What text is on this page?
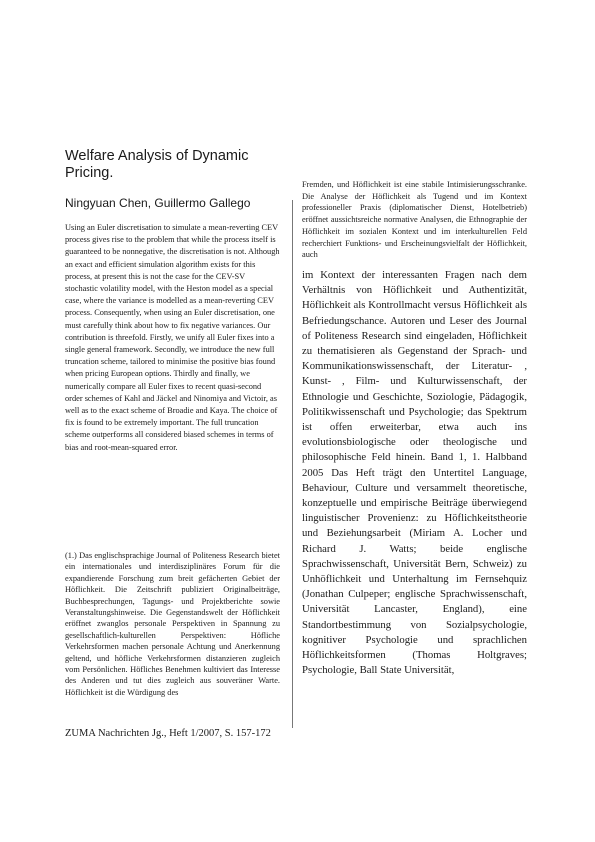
Welfare Analysis of Dynamic Pricing.
Ningyuan Chen, Guillermo Gallego
Using an Euler discretisation to simulate a mean-reverting CEV process gives rise to the problem that while the process itself is guaranteed to be nonnegative, the discretisation is not. Although an exact and efficient simulation algorithm exists for this process, at present this is not the case for the CEV-SV stochastic volatility model, with the Heston model as a special case, where the variance is modelled as a mean-reverting CEV process. Consequently, when using an Euler discretisation, one must carefully think about how to fix negative variances. Our contribution is threefold. Firstly, we unify all Euler fixes into a single general framework. Secondly, we introduce the new full truncation scheme, tailored to minimise the positive bias found when pricing European options. Thirdly and finally, we numerically compare all Euler fixes to recent quasi-second order schemes of Kahl and Jäckel and Ninomiya and Victoir, as well as to the exact scheme of Broadie and Kaya. The choice of fix is found to be extremely important. The full truncation scheme outperforms all considered biased schemes in terms of bias and root-mean-squared error.
(1.) Das englischsprachige Journal of Politeness Research bietet ein internationales und interdisziplinäres Forum für die expandierende Forschung zum breit gefächerten Gebiet der Höflichkeit. Die Zeitschrift publiziert Originalbeiträge, Buchbesprechungen, Tagungs- und Projektberichte sowie Veranstaltungshinweise. Die Gegenstandswelt der Höflichkeit eröffnet zwanglos personale Perspektiven in Spannung zu gesellschaftlich-kulturellen Perspektiven: Höfliche Verkehrsformen machen personale Achtung und Anerkennung geltend, und höfliche Verkehrsformen distanzieren zugleich vom Persönlichen. Höfliches Benehmen kultiviert das Interesse des Anderen und tut dies zugleich aus souveräner Warte. Höflichkeit ist die Würdigung des
ZUMA Nachrichten Jg., Heft 1/2007, S. 157-172
Fremden, und Höflichkeit ist eine stabile Intimisierungsschranke. Die Analyse der Höflichkeit als Tugend und im Kontext professioneller Praxis (diplomatischer Dienst, Hotelbetrieb) eröffnet aussichtsreiche normative Analysen, die Ethnographie der Höflichkeit im sozialen Kontext und im interkulturellen Feld recherchiert Funktions- und Erscheinungsvielfalt der Höflichkeit, auch
im Kontext der interessanten Fragen nach dem Verhältnis von Höflichkeit und Authentizität, Höflichkeit als Kontrollmacht versus Höflichkeit als Befriedungschance. Autoren und Leser des Journal of Politeness Research sind eingeladen, Höflichkeit zu thematisieren als Gegenstand der Sprach- und Kommunikationswissenschaft, der Literatur- , Kunst- , Film- und Kulturwissenschaft, der Ethnologie und Geschichte, Soziologie, Pädagogik, Politikwissenschaft und Psychologie; das Spektrum ist offen erweiterbar, etwa auch ins evolutionsbiologische oder theologische und philosophische Feld hinein. Band 1, 1. Halbband 2005 Das Heft trägt den Untertitel Language, Behaviour, Culture und versammelt theoretische, konzeptuelle und empirische Beiträge überwiegend linguistischer Provenienz: zu Höflichkeitstheorie und Beziehungsarbeit (Miriam A. Locher und Richard J. Watts; beide englische Sprachwissenschaft, Universität Bern, Schweiz) zu Unhöflichkeit und Unterhaltung im Fernsehquiz (Jonathan Culpeper; englische Sprachwissenschaft, Universität Lancaster, England), eine Standortbestimmung von Sozialpsychologie, kognitiver Psychologie und sprachlichen Höflichkeitsformen (Thomas Holtgraves; Psychologie, Ball State Universität,
